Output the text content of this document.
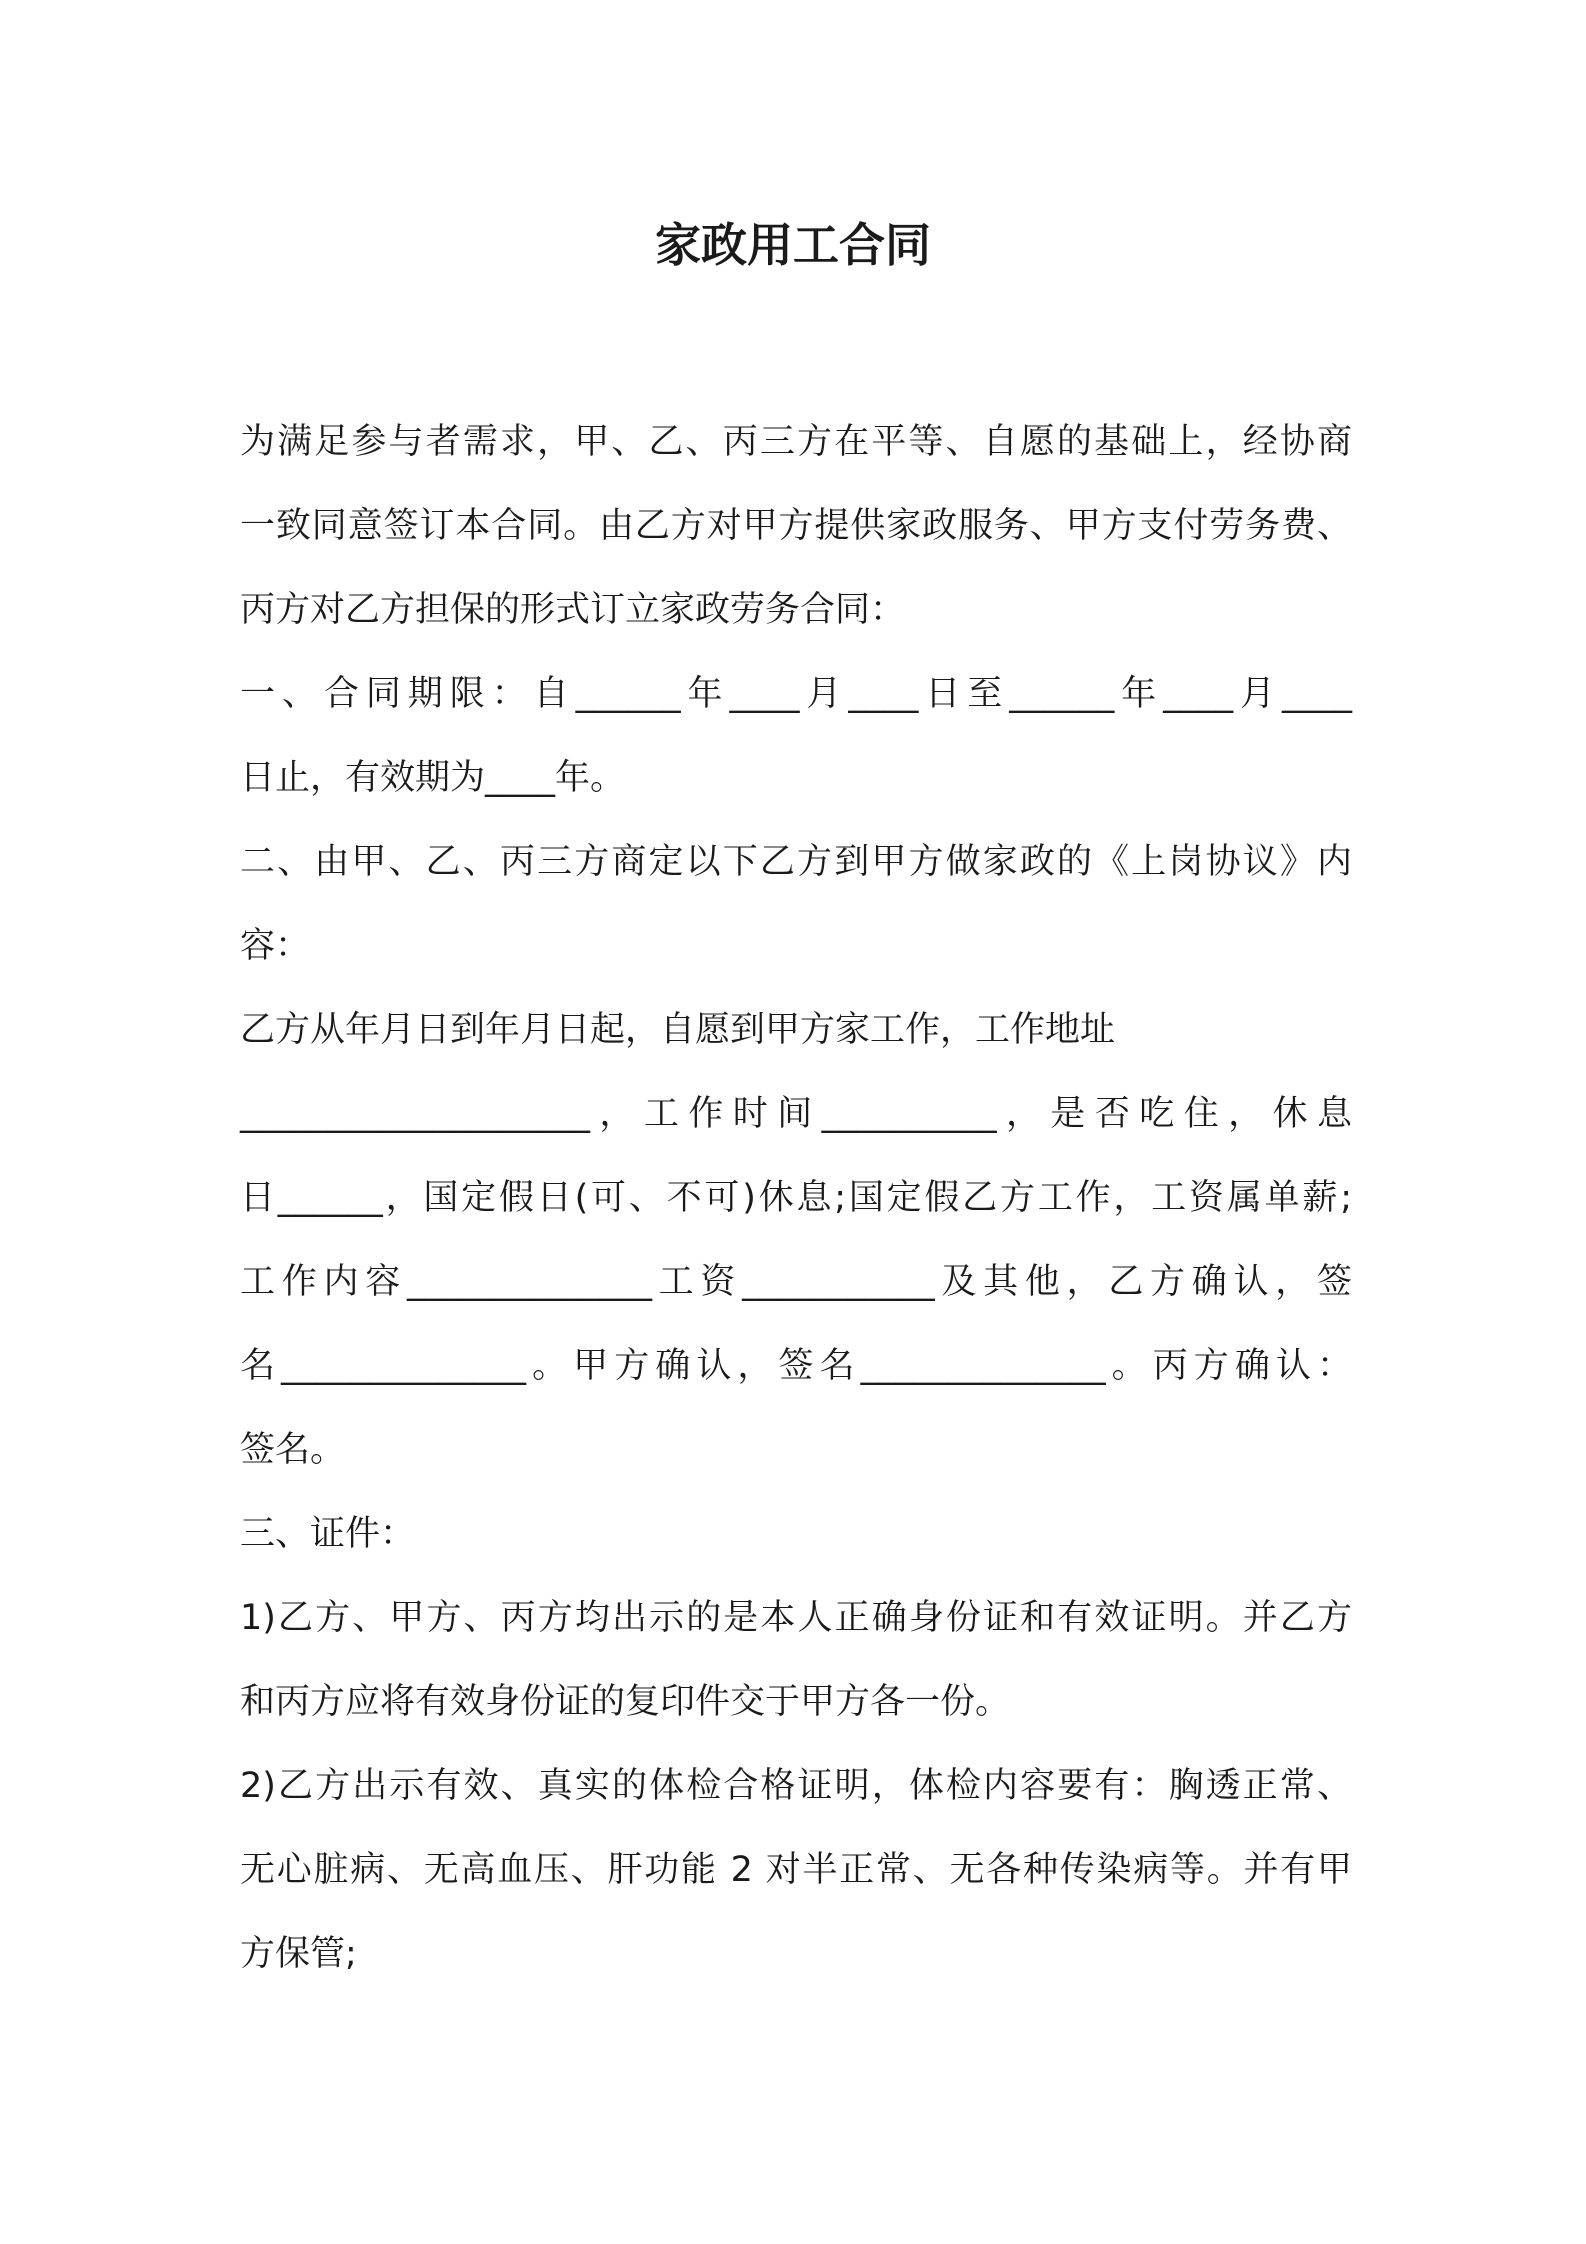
家政用工合同

为满足参与者需求，甲、乙、丙三方在平等、自愿的基础上，经协商

一致同意签订本合同。由乙方对甲方提供家政服务、甲方支付劳务费、

丙方对乙方担保的形式订立家政劳务合同：

一、合同期限：自______年____月____日至______年____月____

日止，有效期为____年。

二、由甲、乙、丙三方商定以下乙方到甲方做家政的《上岗协议》内

容：

乙方从年月日到年月日起，自愿到甲方家工作，工作地址

____________________，工作时间__________，是否吃住，休息

日______，国定假日(可、不可)休息;国定假乙方工作，工资属单薪;

工作内容______________工资___________及其他，乙方确认，签

名______________。甲方确认，签名______________。丙方确认：

签名。

三、证件：

1)乙方、甲方、丙方均出示的是本人正确身份证和有效证明。并乙方

和丙方应将有效身份证的复印件交于甲方各一份。

2)乙方出示有效、真实的体检合格证明，体检内容要有：胸透正常、

无心脏病、无高血压、肝功能 2 对半正常、无各种传染病等。并有甲

方保管;
